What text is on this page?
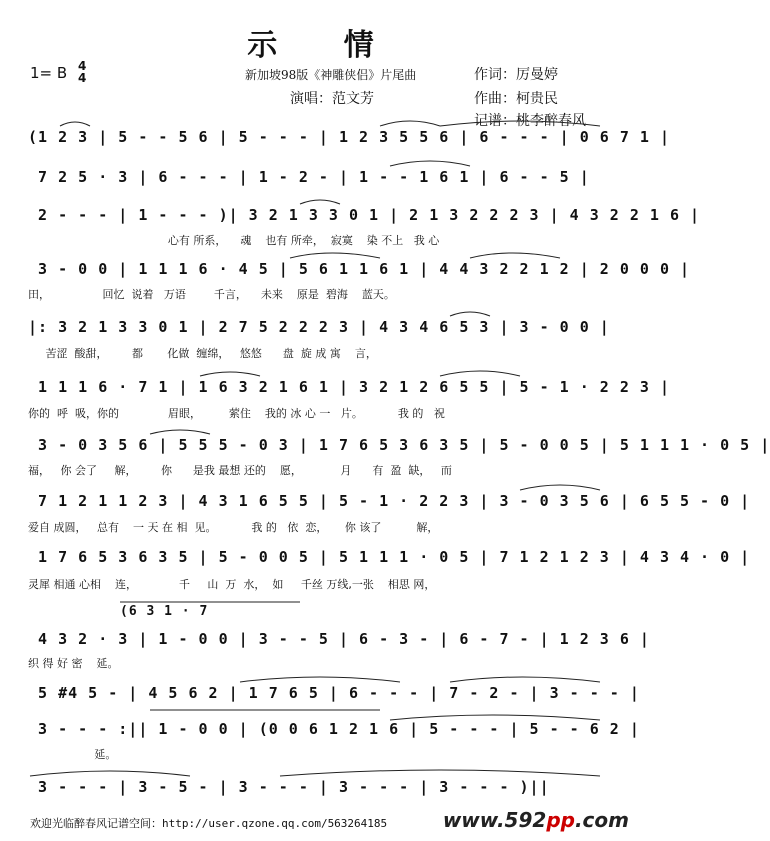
示 情
1= B 4
4	新加坡98版《神雕侠侣》片尾曲
演唱：范文芳
作词：厉曼婷
作曲：柯贵民
记谱：桃李醉春风
(1 2 3 | 5 - - 5 6 | 5 - - - | 1 2 3 5 5 6 | 6 - - - | 0 6 7 1 |
7 2 5 · 3 | 6 - - - | 1 - 2 - | 1 - - 1 6 1 | 6 - - 5 |
2 - - - | 1 - - - )| 3 2 1 3 3 0 1 | 2 1 3 2 2 2 3 | 4 3 2 2 1 6 |
心有 所系，    魂    也有 所牵，  寂寞    染 不上   我 心
3 - 0 0 | 1 1 1 6 · 4 5 | 5 6 1 1 6 1 | 4 4 3 2 2 1 2 | 2 0 0 0 |
田，               回忆  说着   万语        千言，    未来    原是  碧海    蓝天。
|: 3 2 1 3 3 0 1 | 2 7 5 2 2 2 3 | 4 3 4 6 5 3 | 3 - 0 0 |
苦涩  酸甜，       都       化做  缠绵，   悠悠      盘  旋 成 寓    言，
1 1 1 6 · 7 1 | 1 6 3 2 1 6 1 | 3 2 1 2 6 5 5 | 5 - 1 · 2 2 3 |
你的  呼  吸，你的              眉眼，        萦住    我的 冰 心 一   片。          我 的   祝
3 - 0 3 5 6 | 5 5 5 - 0 3 | 1 7 6 5 3 6 3 5 | 5 - 0 0 5 | 5 1 1 1 · 0 5 |
福，   你 会了     解，       你      是我 最想 还的    愿，           月      有  盈  缺，   而
7 1 2 1 1 2 3 | 4 3 1 6 5 5 | 5 - 1 · 2 2 3 | 3 - 0 3 5 6 | 6 5 5 - 0 |
爱自 成圆，   总有    一 天 在 相  见。          我 的   依  恋，     你 该了          解，
1 7 6 5 3 6 3 5 | 5 - 0 0 5 | 5 1 1 1 · 0 5 | 7 1 2 1 2 3 | 4 3 4 · 0 |
灵犀 相通 心相    连，            千     山  万  水，  如     千丝 万线,一张    相思 网，
(6 3 1 · 7
4 3 2 · 3 | 1 - 0 0 | 3 - - 5 | 6 - 3 - | 6 - 7 - | 1 2 3 6 |
织 得 好 密    延。
5 #4 5 - | 4 5 6 2 | 1 7 6 5 | 6 - - - | 7 - 2 - | 3 - - - |
3 - - - :|| 1 - 0 0 | (0 0 6 1 2 1 6 | 5 - - - | 5 - - 6 2 |
延。
3 - - - | 3 - 5 - | 3 - - - | 3 - - - | 3 - - - )||
欢迎光临醉春风记谱空间：http://user.qzone.qq.com/563264185	www.592pp.com
